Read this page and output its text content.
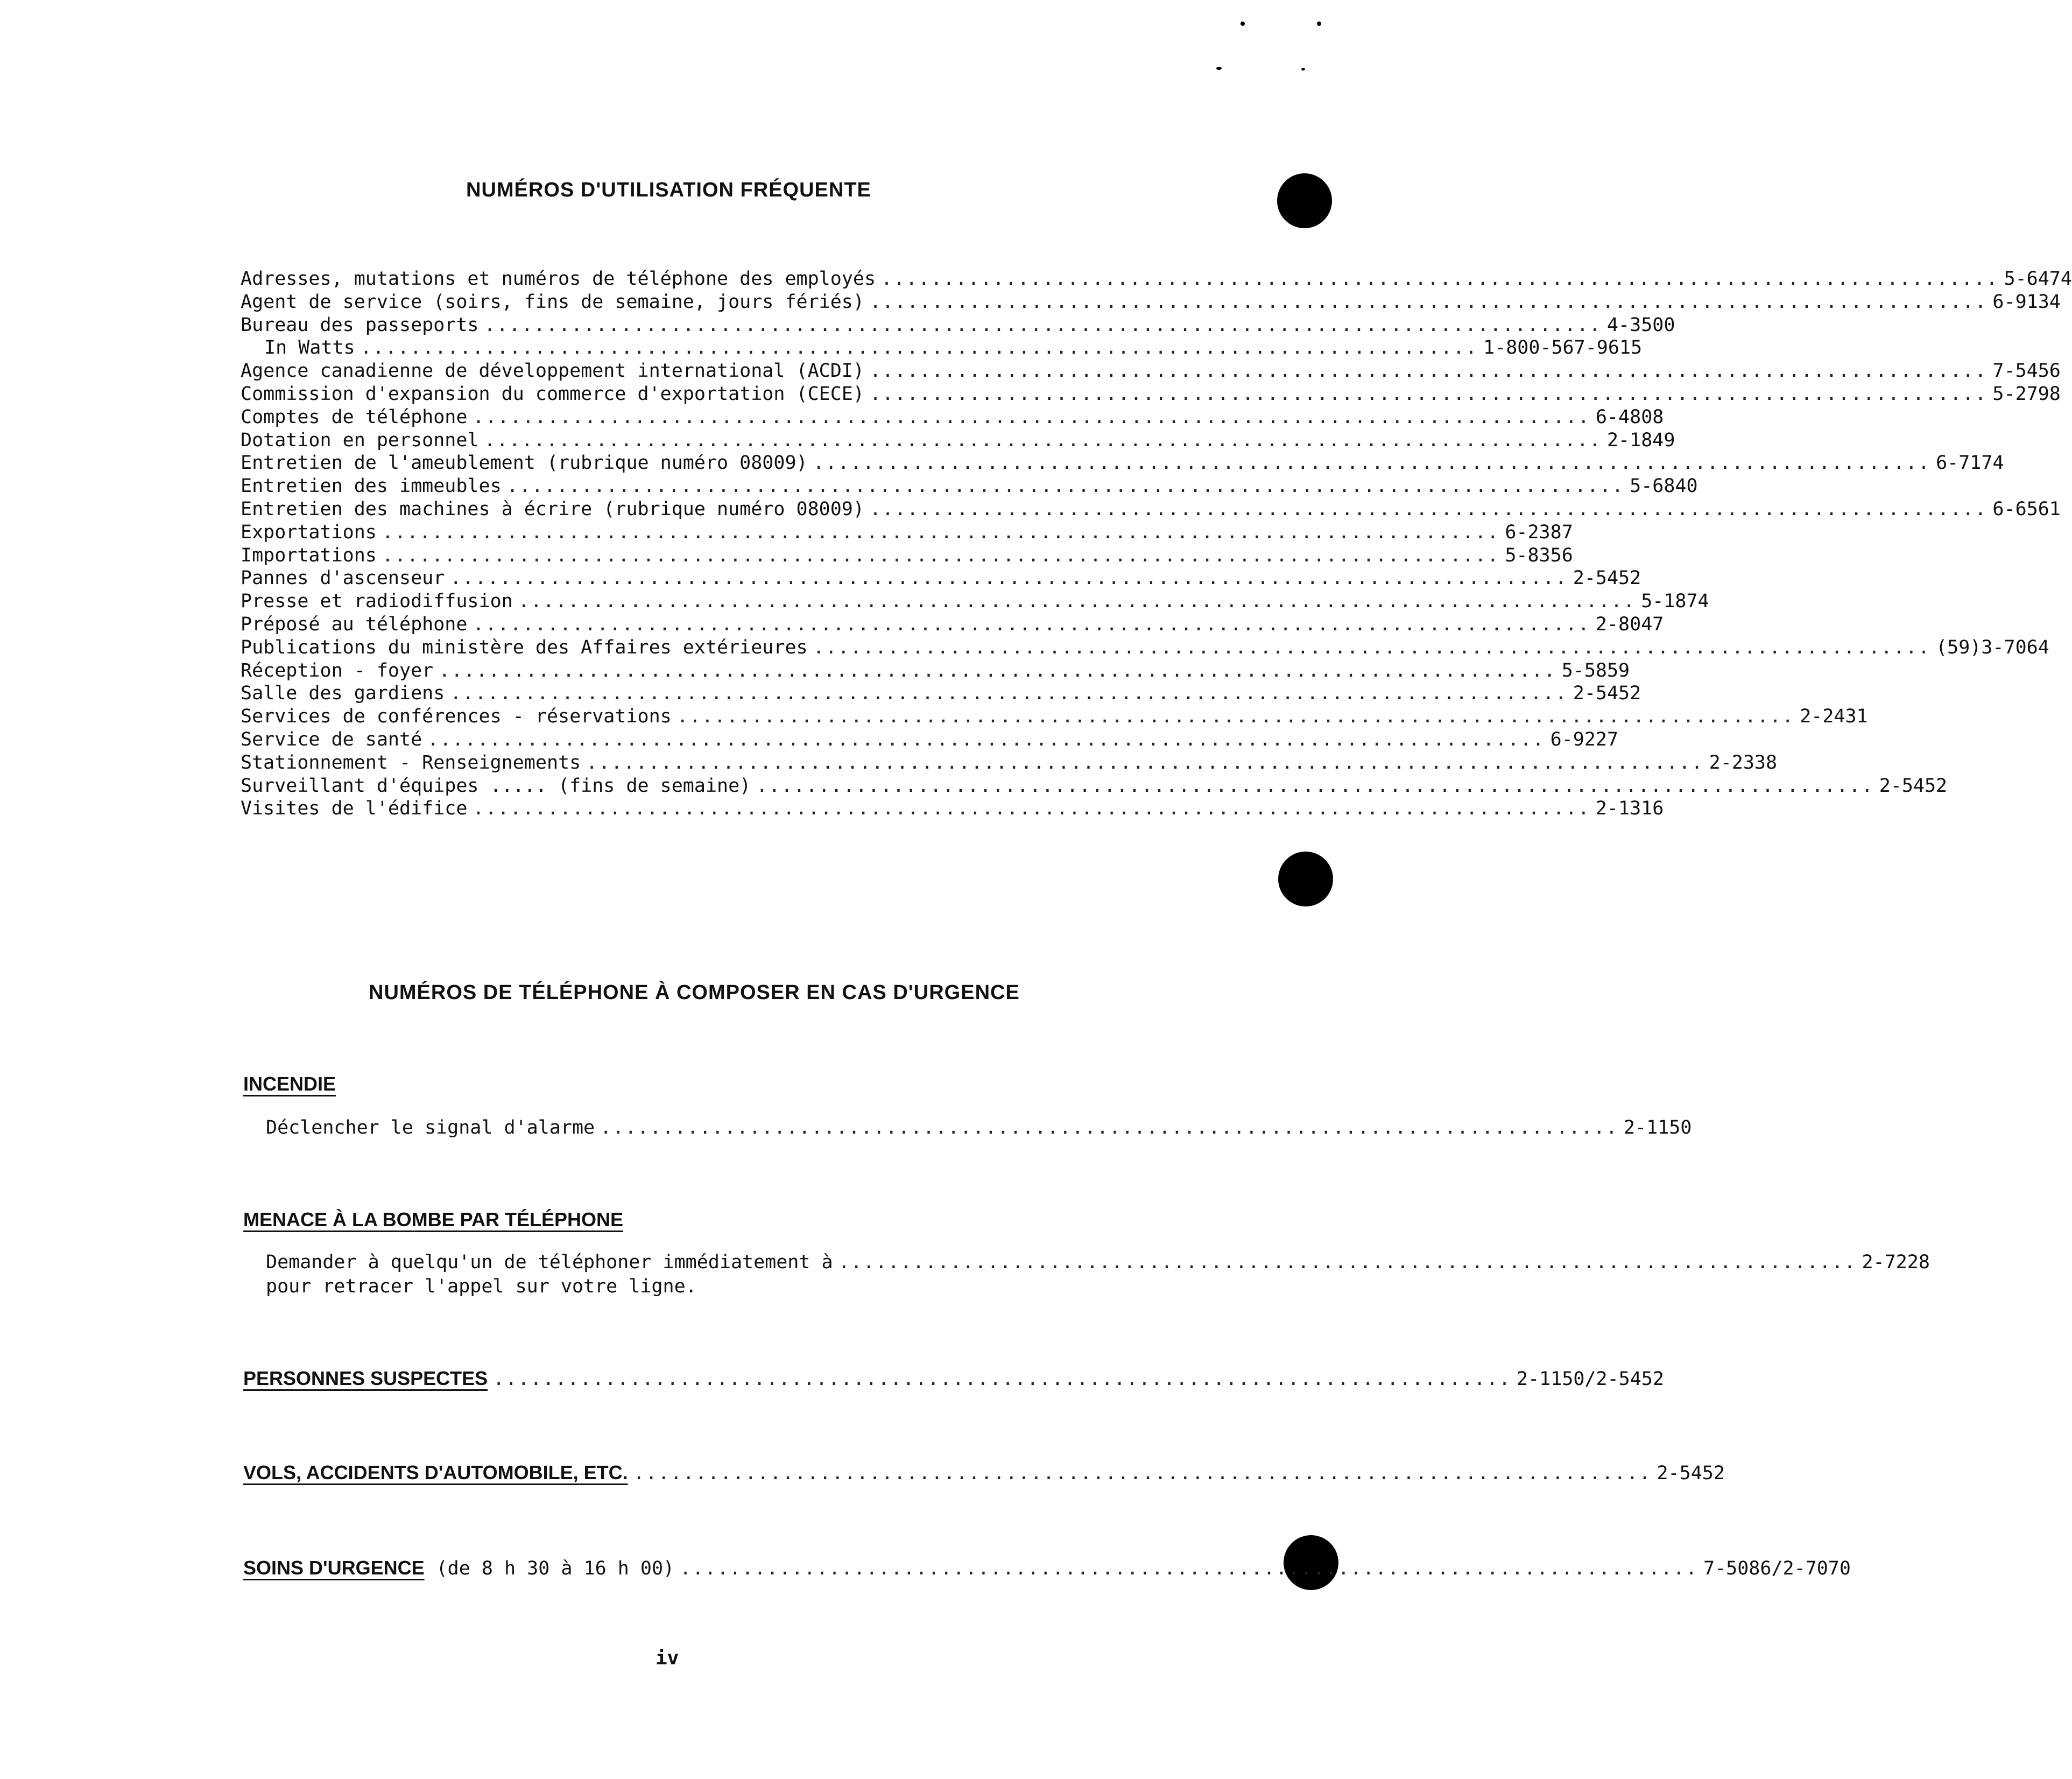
NUMÉROS D'UTILISATION FRÉQUENTE
Adresses, mutations et numéros de téléphone des employés .......................................................................................... 5-6474
Agent de service (soirs, fins de semaine, jours fériés) .......................................................................................... 6-9134
Bureau des passeports .......................................................................................... 4-3500
In Watts .......................................................................................... 1-800-567-9615
Agence canadienne de développement international (ACDI) .......................................................................................... 7-5456
Commission d'expansion du commerce d'exportation (CECE) .......................................................................................... 5-2798
Comptes de téléphone .......................................................................................... 6-4808
Dotation en personnel .......................................................................................... 2-1849
Entretien de l'ameublement (rubrique numéro 08009) .......................................................................................... 6-7174
Entretien des immeubles .......................................................................................... 5-6840
Entretien des machines à écrire (rubrique numéro 08009) .......................................................................................... 6-6561
Exportations .......................................................................................... 6-2387
Importations .......................................................................................... 5-8356
Pannes d'ascenseur .......................................................................................... 2-5452
Presse et radiodiffusion .......................................................................................... 5-1874
Préposé au téléphone .......................................................................................... 2-8047
Publications du ministère des Affaires extérieures .......................................................................................... (59)3-7064
Réception - foyer .......................................................................................... 5-5859
Salle des gardiens .......................................................................................... 2-5452
Services de conférences - réservations .......................................................................................... 2-2431
Service de santé .......................................................................................... 6-9227
Stationnement - Renseignements .......................................................................................... 2-2338
Surveillant d'équipes ..... (fins de semaine) .......................................................................................... 2-5452
Visites de l'édifice .......................................................................................... 2-1316
NUMÉROS DE TÉLÉPHONE À COMPOSER EN CAS D'URGENCE
INCENDIE
Déclencher le signal d'alarme .................................................................................. 2-1150
MENACE À LA BOMBE PAR TÉLÉPHONE
Demander à quelqu'un de téléphoner immédiatement à .................................................................................. 2-7228
pour retracer l'appel sur votre ligne.
PERSONNES SUSPECTES .................................................................................. 2-1150/2-5452
VOLS, ACCIDENTS D'AUTOMOBILE, ETC. .................................................................................. 2-5452
SOINS D'URGENCE (de 8 h 30 à 16 h 00) .................................................................................. 7-5086/2-7070
iv
